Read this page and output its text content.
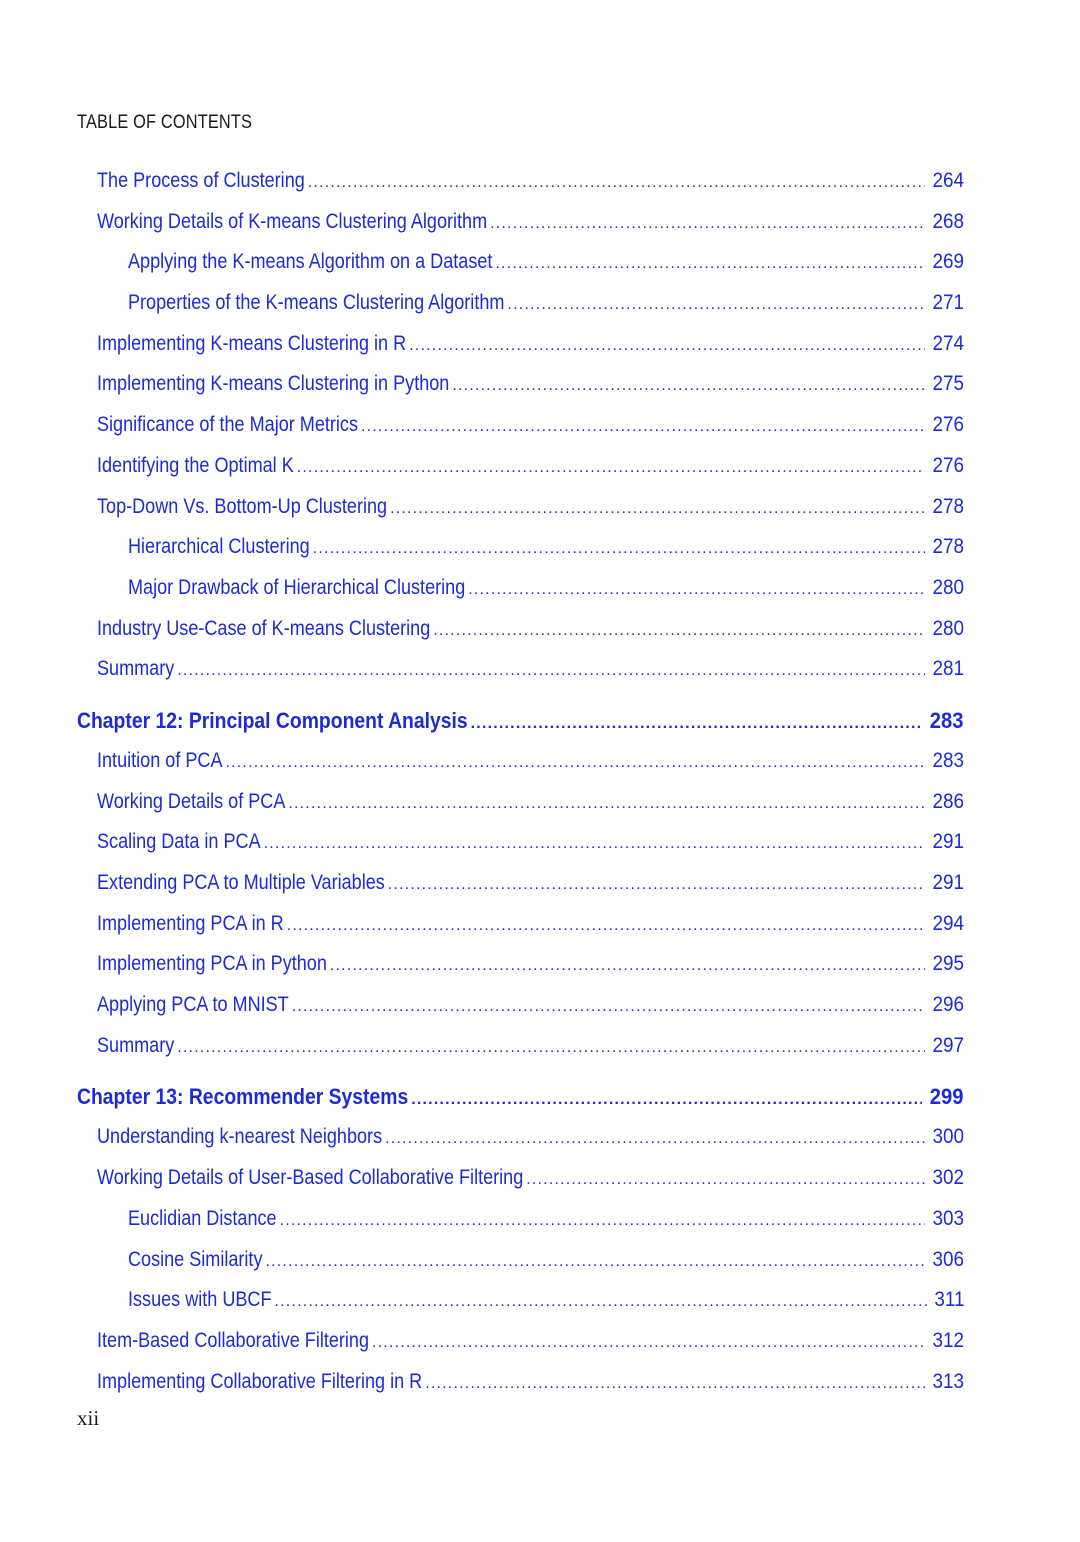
TABLE OF CONTENTS
The Process of Clustering .....	264
Working Details of K-means Clustering Algorithm .....	268
Applying the K-means Algorithm on a Dataset .....	269
Properties of the K-means Clustering Algorithm .....	271
Implementing K-means Clustering in R .....	274
Implementing K-means Clustering in Python .....	275
Significance of the Major Metrics .....	276
Identifying the Optimal K .....	276
Top-Down Vs. Bottom-Up Clustering .....	278
Hierarchical Clustering .....	278
Major Drawback of Hierarchical Clustering .....	280
Industry Use-Case of K-means Clustering .....	280
Summary .....	281
Chapter 12: Principal Component Analysis .....	283
Intuition of PCA .....	283
Working Details of PCA .....	286
Scaling Data in PCA .....	291
Extending PCA to Multiple Variables .....	291
Implementing PCA in R .....	294
Implementing PCA in Python .....	295
Applying PCA to MNIST .....	296
Summary .....	297
Chapter 13: Recommender Systems .....	299
Understanding k-nearest Neighbors .....	300
Working Details of User-Based Collaborative Filtering .....	302
Euclidian Distance .....	303
Cosine Similarity .....	306
Issues with UBCF .....	311
Item-Based Collaborative Filtering .....	312
Implementing Collaborative Filtering in R .....	313
xii
